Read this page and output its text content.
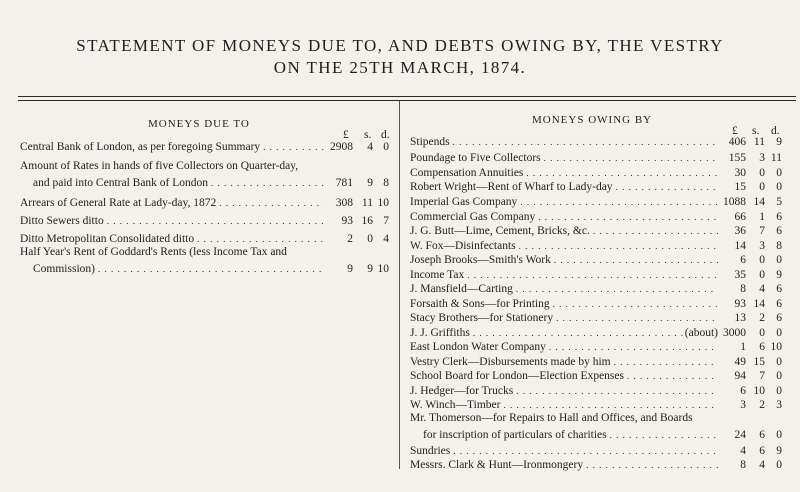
STATEMENT OF MONEYS DUE TO, AND DEBTS OWING BY, THE VESTRY
ON THE 25TH MARCH, 1874.
MONEYS DUE TO
£ s. d.
MONEYS OWING BY
£ s. d.
Central Bank of London, as per foregoing Summary . . .	2908	4 0
Amount of Rates in hands of five Collectors on Quarter-day,
and paid into Central Bank of London . . .	781	9 8
Arrears of General Rate at Lady-day, 1872 . . .	308 11 10
Ditto Sewers ditto . . .	93 16 7
Ditto Metropolitan Consolidated ditto . . .	2	0 4
Half Year's Rent of Goddard's Rents (less Income Tax and
Commission) . . .	9	9 10
Stipends . . .	406 11 9
Poundage to Five Collectors . . .	155	3 11
Compensation Annuities . . .	30	0 0
Robert Wright—Rent of Wharf to Lady-day . . .	15	0 0
Imperial Gas Company . . .	1088 14 5
Commercial Gas Company . . .	66	1 6
J. G. Butt—Lime, Cement, Bricks, &c. . . .	36	7 6
W. Fox—Disinfectants . . .	14	3 8
Joseph Brooks—Smith's Work . . .	6	0 0
Income Tax . . .	35	0 9
J. Mansfield—Carting . . .	8	4 6
Forsaith & Sons—for Printing . . .	93 14 6
Stacy Brothers—for Stationery . . .	13	2 6
J. J. Griffiths . . .	(about) 3000	0 0
East London Water Company . . .	1	6 10
Vestry Clerk—Disbursements made by him . . .	49 15 0
School Board for London—Election Expenses . . .	94	7 0
J. Hedger—for Trucks . . .	6 10 0
W. Winch—Timber . . .	3	2 3
Mr. Thomerson—for Repairs to Hall and Offices, and Boards
for inscription of particulars of charities . . .	24	6 0
Sundries . . .	4	6 9
Messrs. Clark & Hunt—Ironmongery . . .	8	4 0
